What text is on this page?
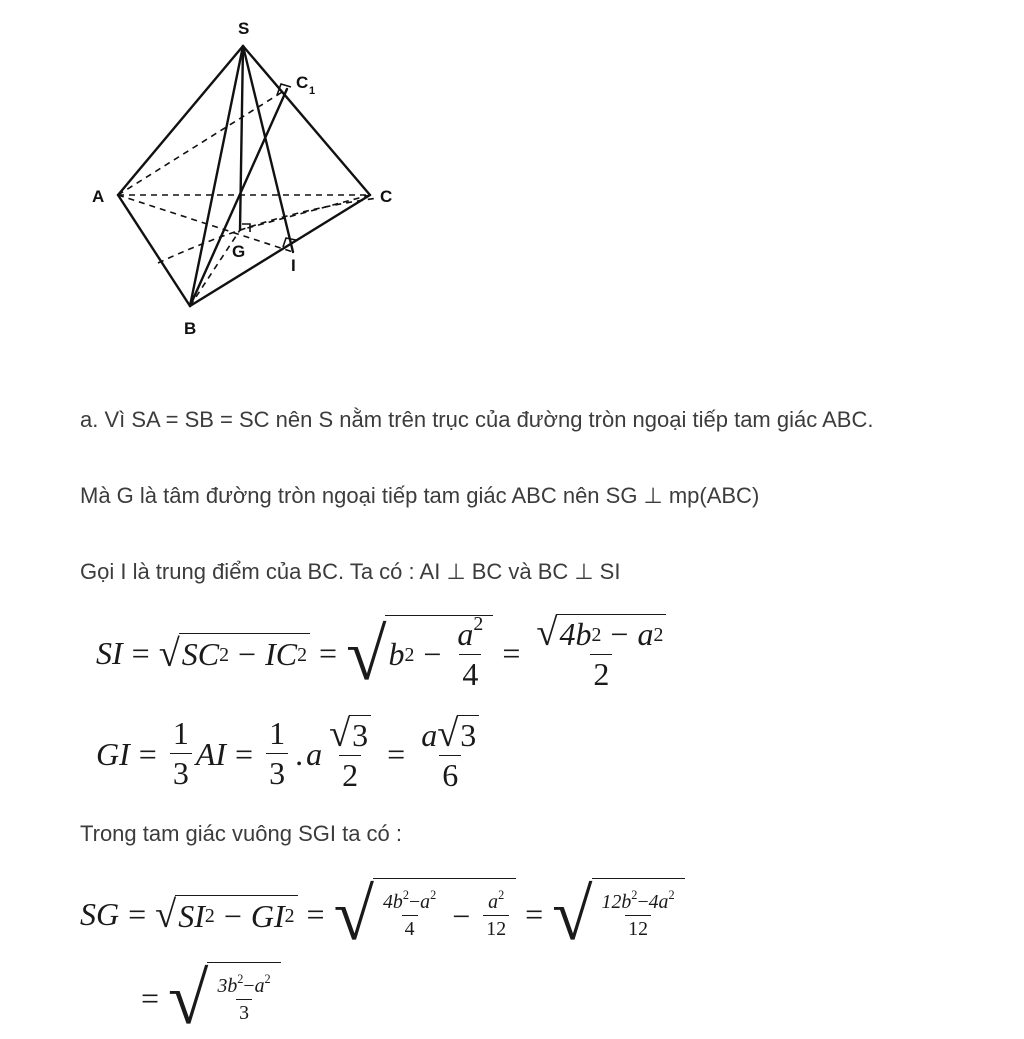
S
C 1
A	C
G
I
B

a. Vì SA = SB = SC nên S nằm trên trục của đường tròn ngoại tiếp tam giác ABC.

Mà G là tâm đường tròn ngoại tiếp tam giác ABC nên SG ⊥ mp(ABC)

Gọi I là trung điểm của BC. Ta có : AI ⊥ BC và BC ⊥ SI

SI = √ SC 2 − IC 2 = √ b $2 - \frac{a^2}{4} = \frac{√ 4b 2 - a 2}{2}$
GI = $\frac{1}{3}$ AI = $\frac{1}{3}$ . a $\frac{√ 3}{2} = \frac{a √ 3}{6}$

Trong tam giác vuông SGI ta có :

SG = √ SI 2 − GI 2 = √ $\frac{4b^2-a^2}{4} - \frac{a^2}{12}$ = √ $\frac{12b^2-4a^2}{12}$
= √ $\frac{3b^2-a^2}{3}$
